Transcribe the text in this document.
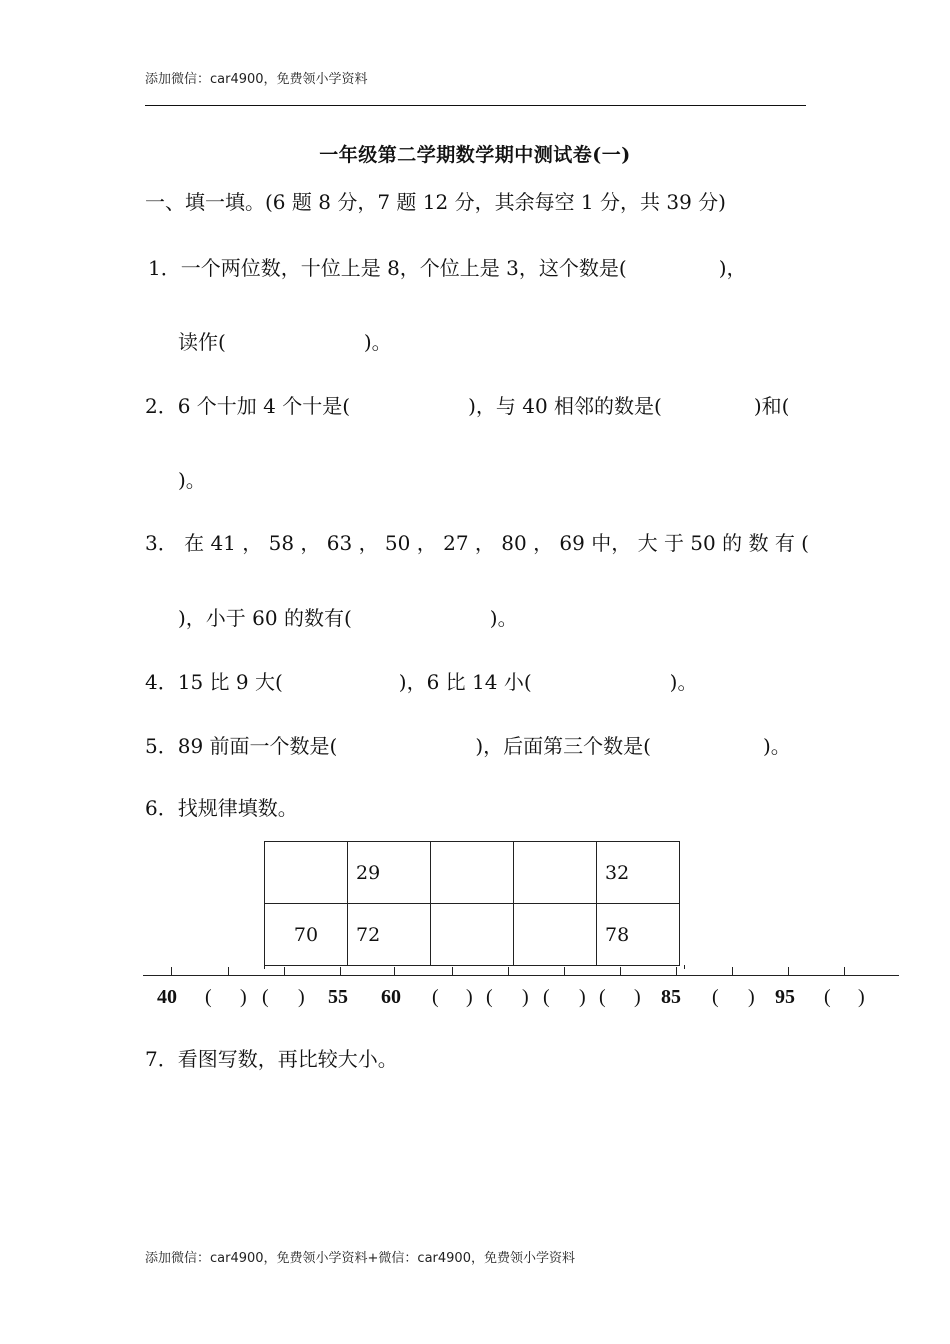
添加微信：car4900，免费领小学资料
一年级第二学期数学期中测试卷(一)
一、填一填。(6 题 8 分，7 题 12 分，其余每空 1 分，共 39 分)
1．一个两位数，十位上是 8，个位上是 3，这个数是(	)，
读作(	)。
2．6 个十加 4 个十是(	)，与 40 相邻的数是(	)和(
)。
3． 在 41 ， 58 ， 63 ， 50 ， 27 ， 80 ， 69 中， 大 于 50 的 数 有 (
)，小于 60 的数有(	)。
4．15 比 9 大(	)，6 比 14 小(	)。
5．89 前面一个数是(	)，后面第三个数是(	)。
6．找规律填数。
	29			32
70	72			78
40 ( ) ( ) 55 60 ( ) ( ) ( ) ( ) 85 ( ) 95 ( )
7．看图写数，再比较大小。
添加微信：car4900，免费领小学资料+微信：car4900，免费领小学资料
